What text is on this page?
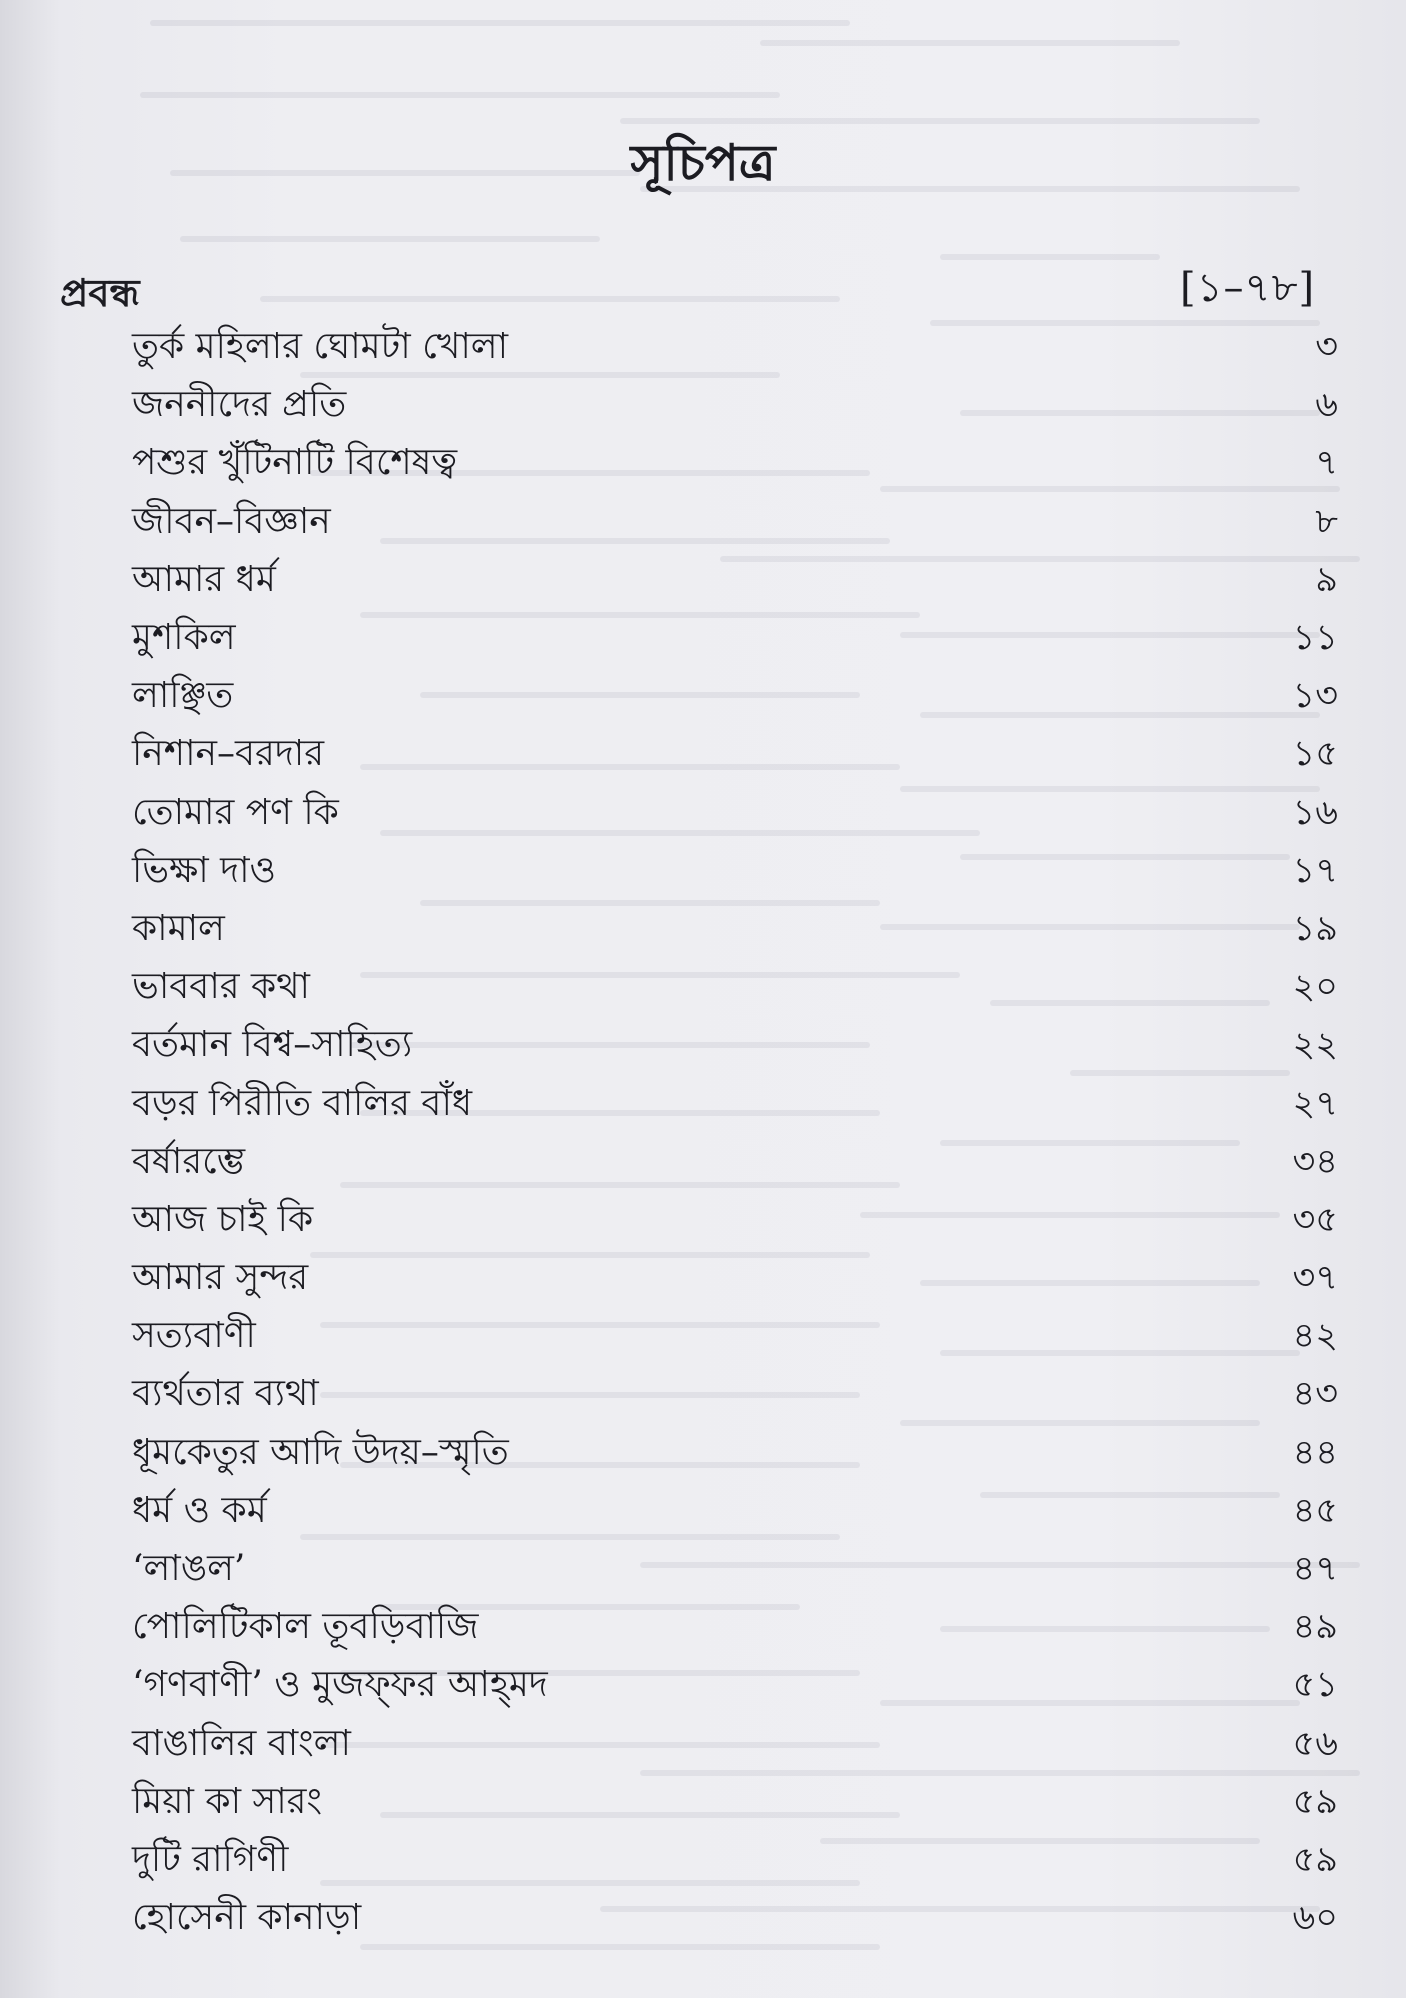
সূচিপত্র
প্রবন্ধ	[১–৭৮]
তুর্ক মহিলার ঘোমটা খোলা	৩
জননীদের প্রতি	৬
পশুর খুঁটিনাটি বিশেষত্ব	৭
জীবন–বিজ্ঞান	৮
আমার ধর্ম	৯
মুশকিল	১১
লাঞ্ছিত	১৩
নিশান–বরদার	১৫
তোমার পণ কি	১৬
ভিক্ষা দাও	১৭
কামাল	১৯
ভাববার কথা	২০
বর্তমান বিশ্ব–সাহিত্য	২২
বড়র পিরীতি বালির বাঁধ	২৭
বর্ষারম্ভে	৩৪
আজ চাই কি	৩৫
আমার সুন্দর	৩৭
সত্যবাণী	৪২
ব্যর্থতার ব্যথা	৪৩
ধূমকেতুর আদি উদয়–স্মৃতি	৪৪
ধর্ম ও কর্ম	৪৫
‘লাঙল’	৪৭
পোলিটিকাল তূবড়িবাজি	৪৯
‘গণবাণী’ ও মুজফ্‌ফর আহ্‌মদ	৫১
বাঙালির বাংলা	৫৬
মিয়া কা সারং	৫৯
দুটি রাগিণী	৫৯
হোসেনী কানাড়া	৬০
